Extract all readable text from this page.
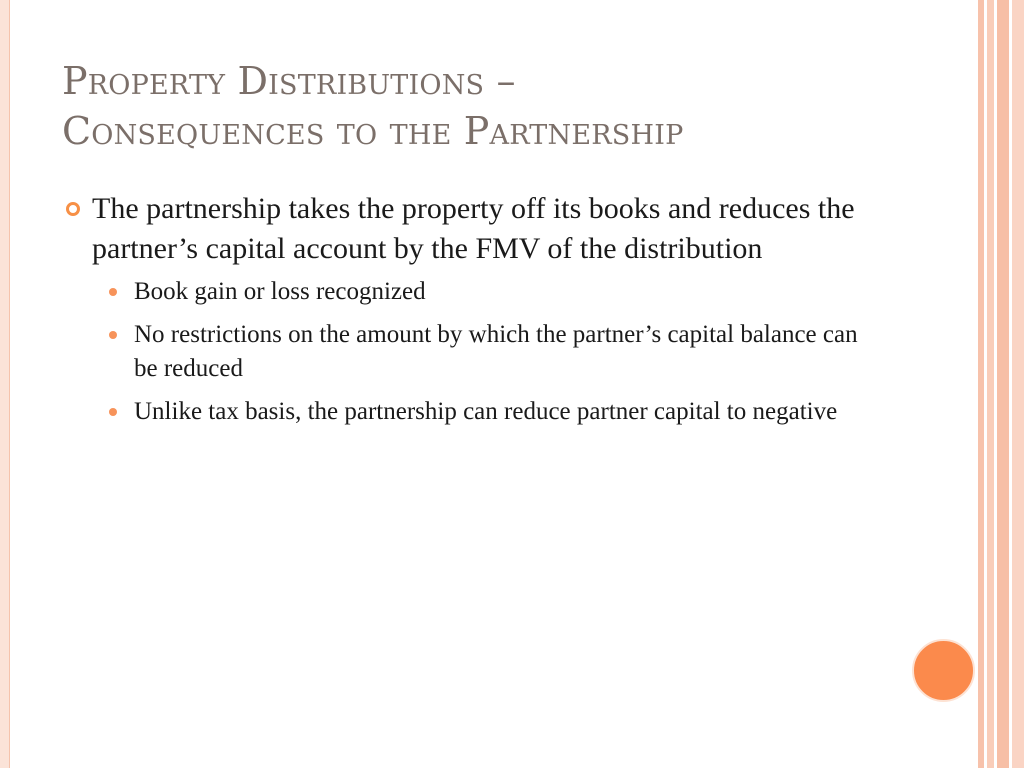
Property Distributions –
Consequences to the Partnership
The partnership takes the property off its books and reduces the partner’s capital account by the FMV of the distribution
Book gain or loss recognized
No restrictions on the amount by which the partner’s capital balance can be reduced
Unlike tax basis, the partnership can reduce partner capital to negative
